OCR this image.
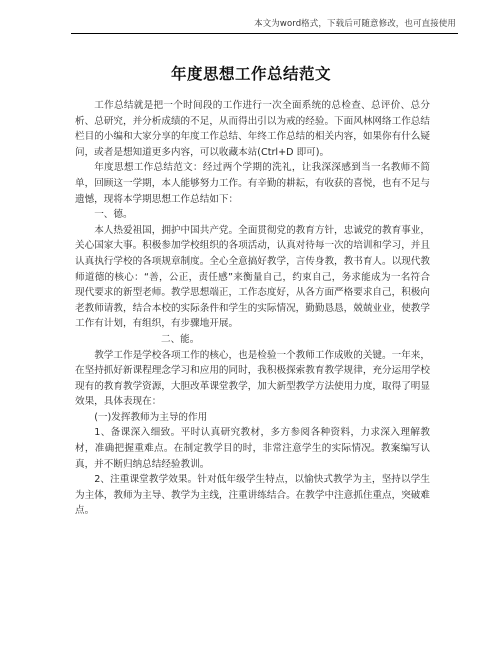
本文为word格式，下载后可随意修改，也可直接使用
年度思想工作总结范文

工作总结就是把一个时间段的工作进行一次全面系统的总检查、总评价、总分析、总研究，并分析成绩的不足，从而得出引以为戒的经验。下面风林网络工作总结栏目的小编和大家分享的年度工作总结、年终工作总结的相关内容，如果你有什么疑问，或者是想知道更多内容，可以收藏本站(Ctrl+D 即可)。

年度思想工作总结范文：经过两个学期的洗礼，让我深深感到当一名教师不简单，回顾这一学期，本人能够努力工作。有辛勤的耕耘，有收获的喜悦，也有不足与遗憾，现将本学期思想工作总结如下：

一、德。

本人热爱祖国，拥护中国共产党。全面贯彻党的教育方针，忠诚党的教育事业，关心国家大事。积极参加学校组织的各项活动，认真对待每一次的培训和学习，并且认真执行学校的各项规章制度。全心全意搞好教学，言传身教，教书育人。以现代教师道德的核心：“善，公正，责任感”来衡量自己，约束自己，务求能成为一名符合现代要求的新型老师。教学思想端正，工作态度好，从各方面严格要求自己，积极向老教师请教，结合本校的实际条件和学生的实际情况，勤勤恳恳，兢兢业业，使教学工作有计划，有组织，有步骤地开展。

二、能。

教学工作是学校各项工作的核心，也是检验一个教师工作成败的关键。一年来，在坚持抓好新课程理念学习和应用的同时，我积极探索教育教学规律，充分运用学校现有的教育教学资源，大胆改革课堂教学，加大新型教学方法使用力度，取得了明显效果，具体表现在：

(一)发挥教师为主导的作用

1、备课深入细致。平时认真研究教材，多方参阅各种资料，力求深入理解教材，准确把握重难点。在制定教学目的时，非常注意学生的实际情况。教案编写认真，并不断归纳总结经验教训。

2、注重课堂教学效果。针对低年级学生特点，以愉快式教学为主，坚持以学生为主体，教师为主导、教学为主线，注重讲练结合。在教学中注意抓住重点，突破难点。
